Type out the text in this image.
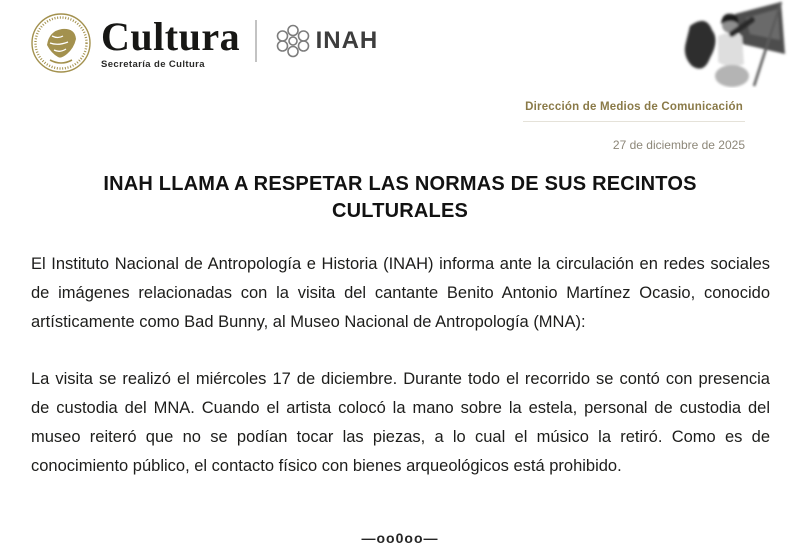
Cultura
Secretaría de Cultura
INAH
Dirección de Medios de Comunicación
27 de diciembre de 2025
INAH LLAMA A RESPETAR LAS NORMAS DE SUS RECINTOS CULTURALES

El Instituto Nacional de Antropología e Historia (INAH) informa ante la circulación en redes sociales de imágenes relacionadas con la visita del cantante Benito Antonio Martínez Ocasio, conocido artísticamente como Bad Bunny, al Museo Nacional de Antropología (MNA):

La visita se realizó el miércoles 17 de diciembre. Durante todo el recorrido se contó con presencia de custodia del MNA. Cuando el artista colocó la mano sobre la estela, personal de custodia del museo reiteró que no se podían tocar las piezas, a lo cual el músico la retiró. Como es de conocimiento público, el contacto físico con bienes arqueológicos está prohibido.

—oo0oo—
